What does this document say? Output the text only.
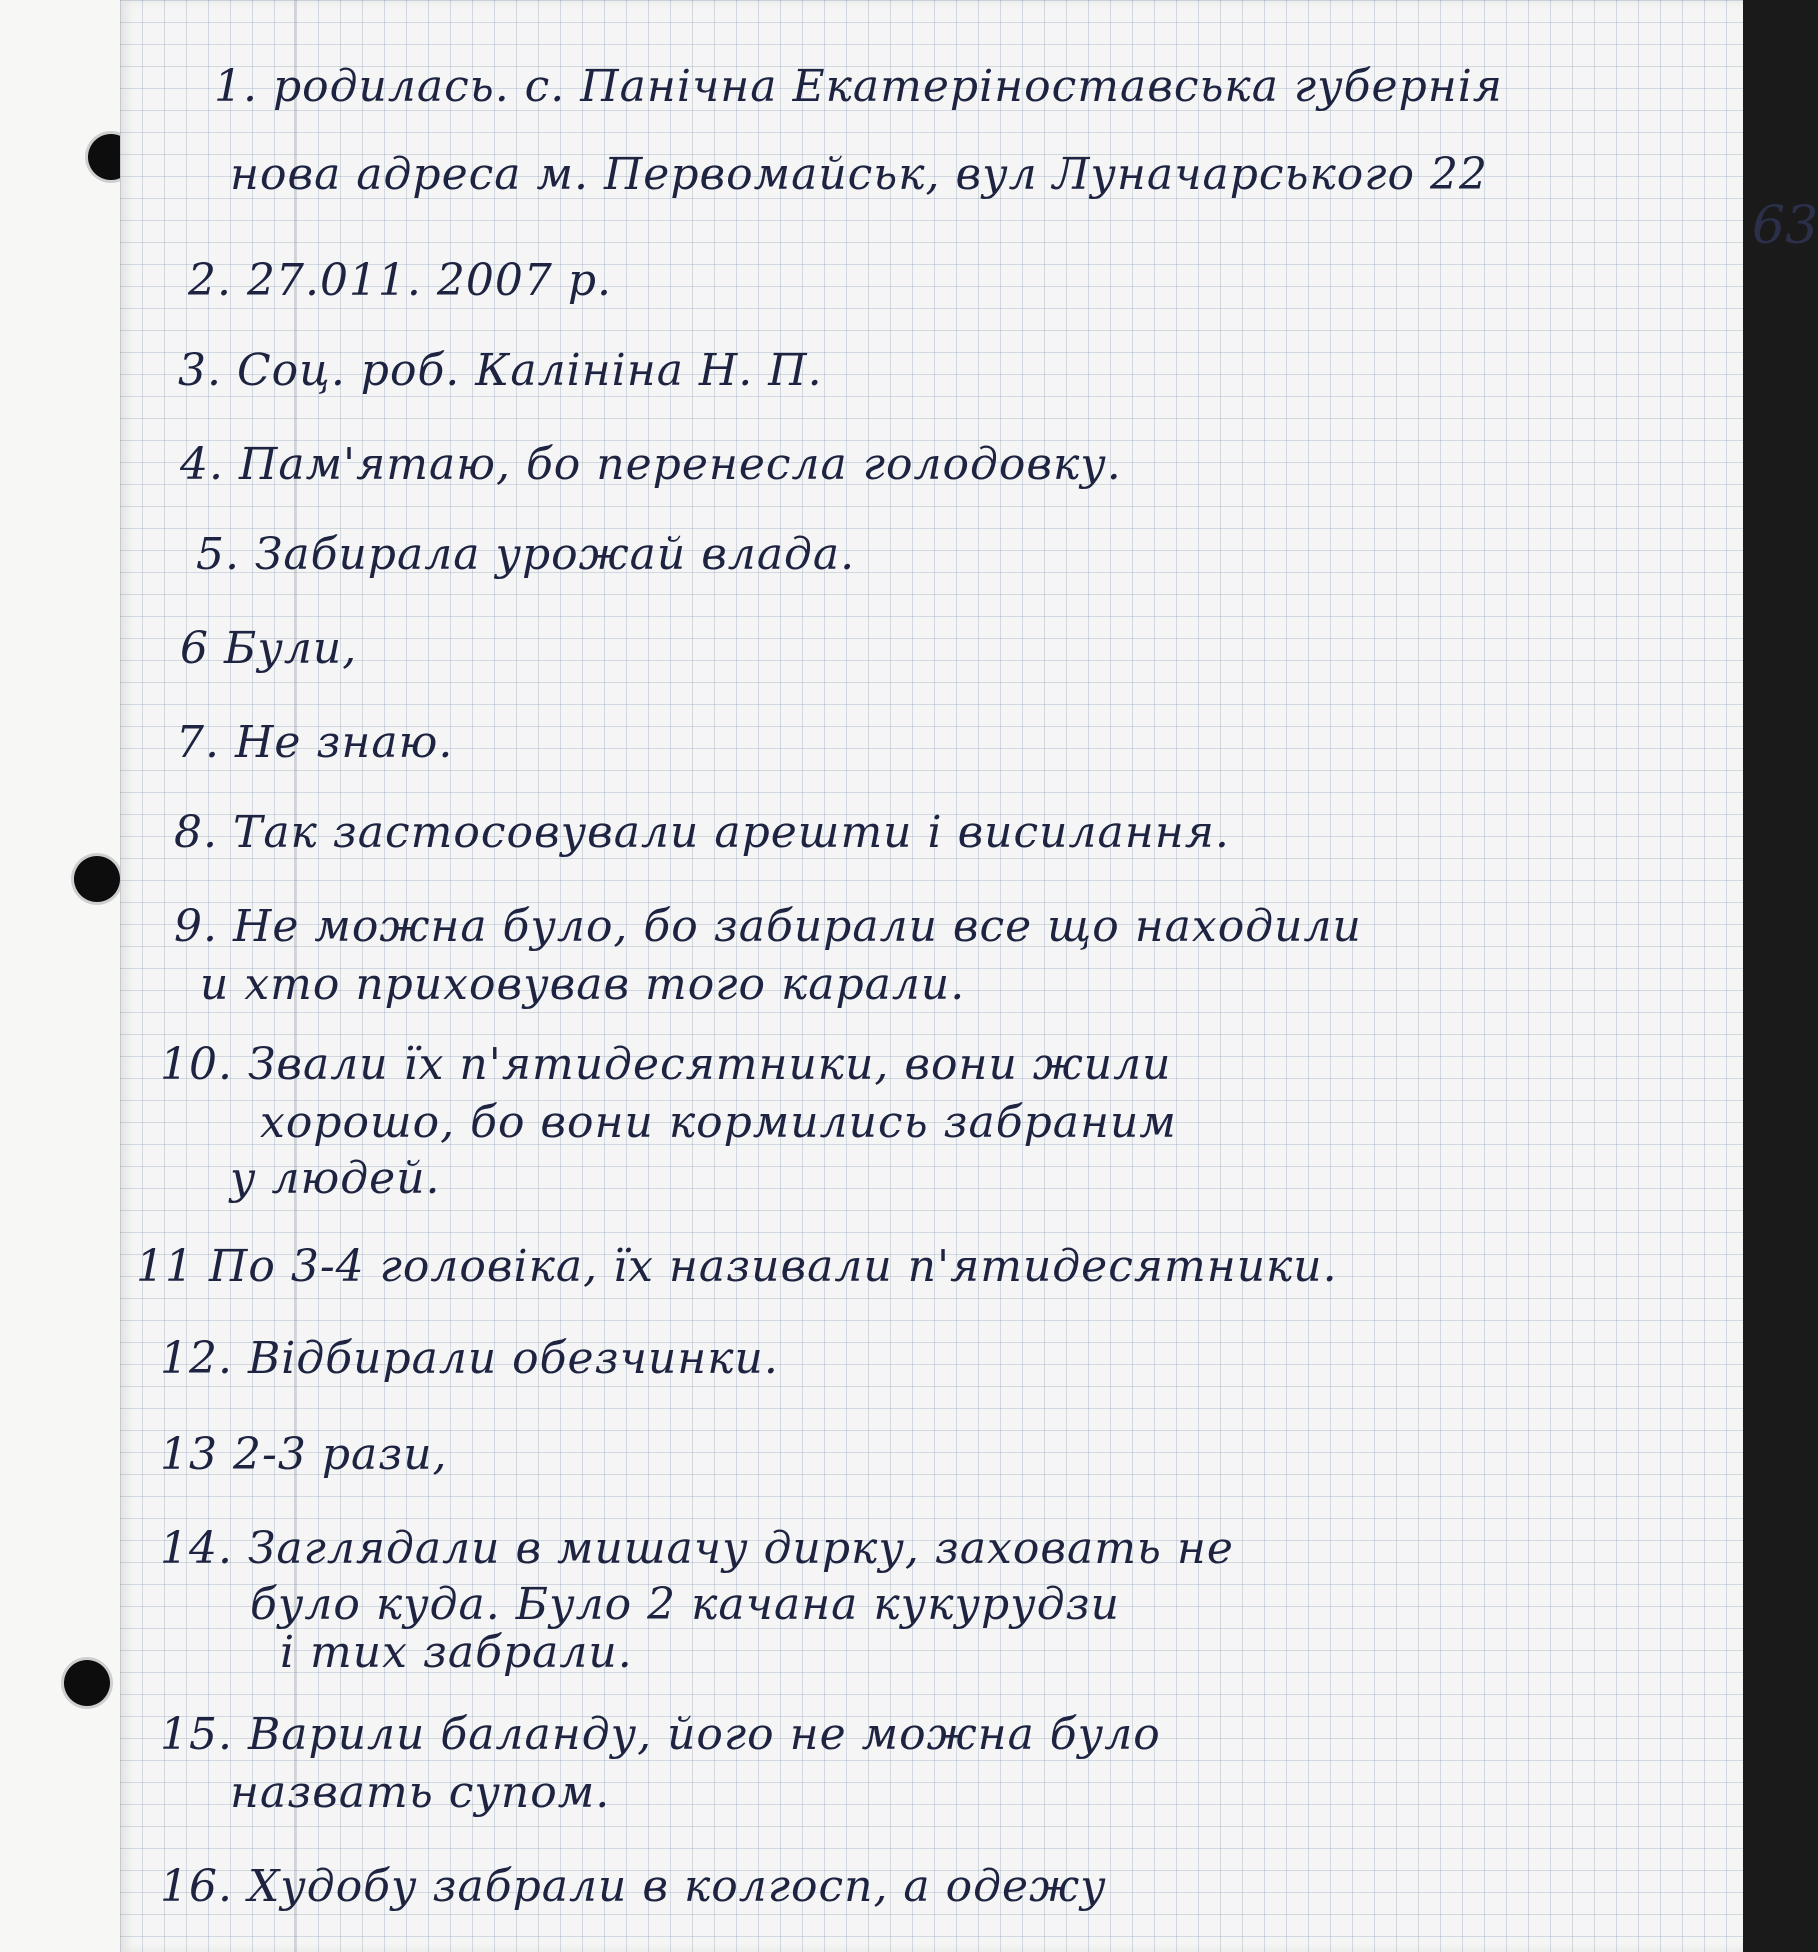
63
1. родилась. с. Панічна Екатеріноставська губернія
нова адреса м. Первомайськ, вул Луначарського 22
2. 27.011. 2007 р.
3. Соц. роб. Калініна Н. П.
4. Пам'ятаю, бо перенесла голодовку.
5. Забирала урожай влада.
6 Були,
7. Не знаю.
8. Так застосовували арешти і висилання.
9. Не можна було, бо забирали все що находили
и хто приховував того карали.
10. Звали їх п'ятидесятники, вони жили
хорошо, бо вони кормились забраним
у людей.
11 По 3-4 головіка, їх називали п'ятидесятники.
12. Відбирали обезчинки.
13 2-3 рази,
14. Заглядали в мишачу дирку, заховать не
було куда. Було 2 качана кукурудзи
і тих забрали.
15. Варили баланду, його не можна було
назвать супом.
16. Худобу забрали в колгосп, а одежу
